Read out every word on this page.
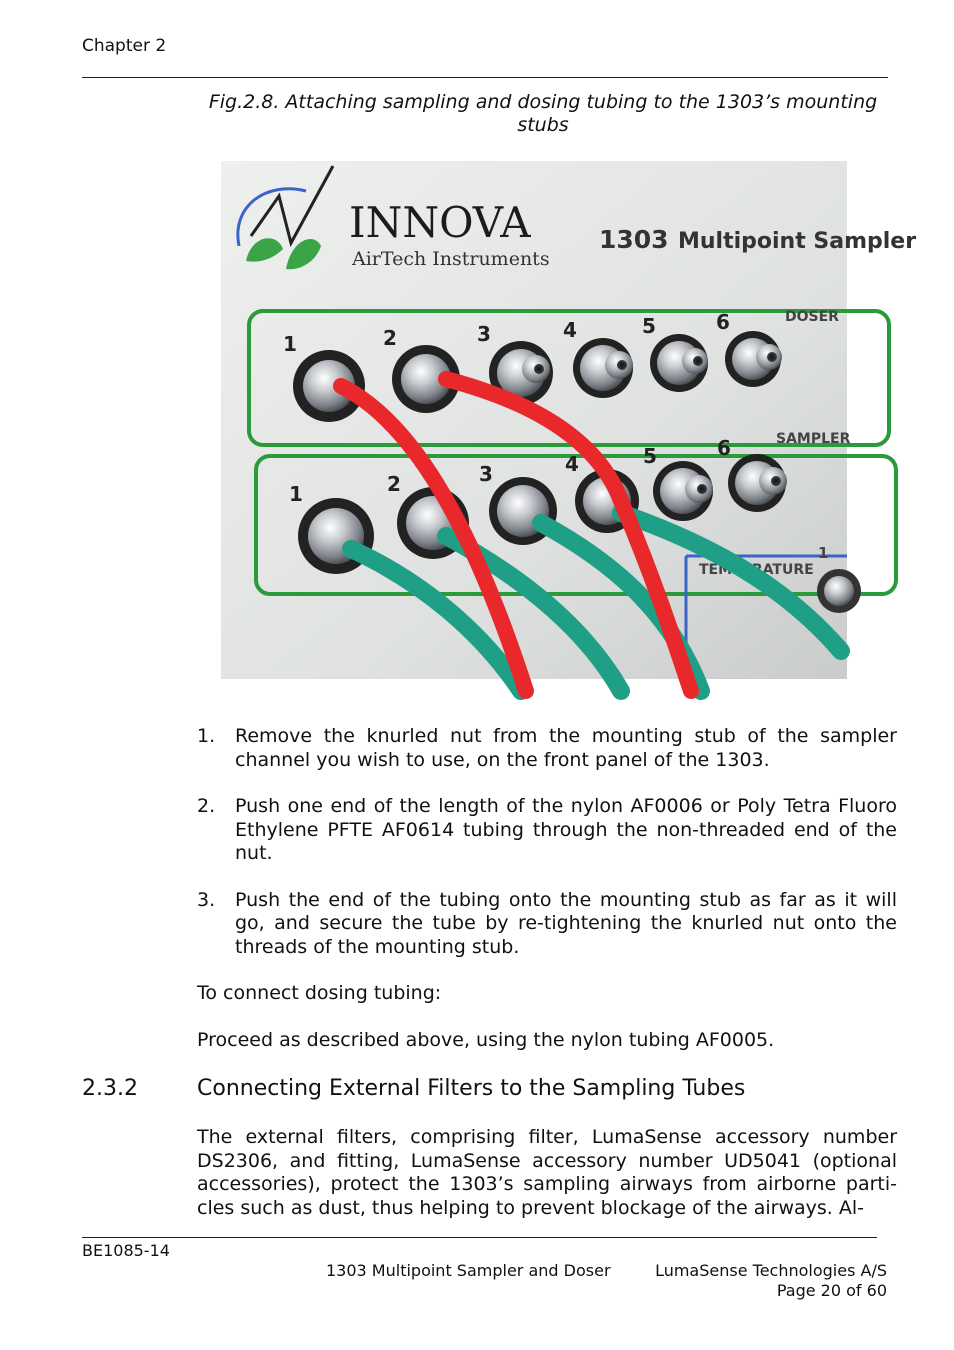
Chapter 2
Fig.2.8. Attaching sampling and dosing tubing to the 1303’s mounting stubs
INNOVA
AirTech Instruments
1303 Multipoint Sampler
DOSER
SAMPLER
TEMPERATURE
1
1	2	3	4	5	6
1	2	3	4	5	6
1. Remove the knurled nut from the mounting stub of the sampler channel you wish to use, on the front panel of the 1303.
2. Push one end of the length of the nylon AF0006 or Poly Tetra Fluoro Ethylene PFTE AF0614 tubing through the non-threaded end of the nut.
3. Push the end of the tubing onto the mounting stub as far as it will go, and secure the tube by re-tightening the knurled nut onto the threads of the mounting stub.
To connect dosing tubing:
Proceed as described above, using the nylon tubing AF0005.
2.3.2	Connecting External Filters to the Sampling Tubes
The external filters, comprising filter, LumaSense accessory number DS2306, and fitting, LumaSense accessory number UD5041 (optional accessories), protect the 1303’s sampling airways from airborne parti-cles such as dust, thus helping to prevent blockage of the airways. Al-
BE1085-14
1303 Multipoint Sampler and Doser	LumaSense Technologies A/S
Page 20 of 60
